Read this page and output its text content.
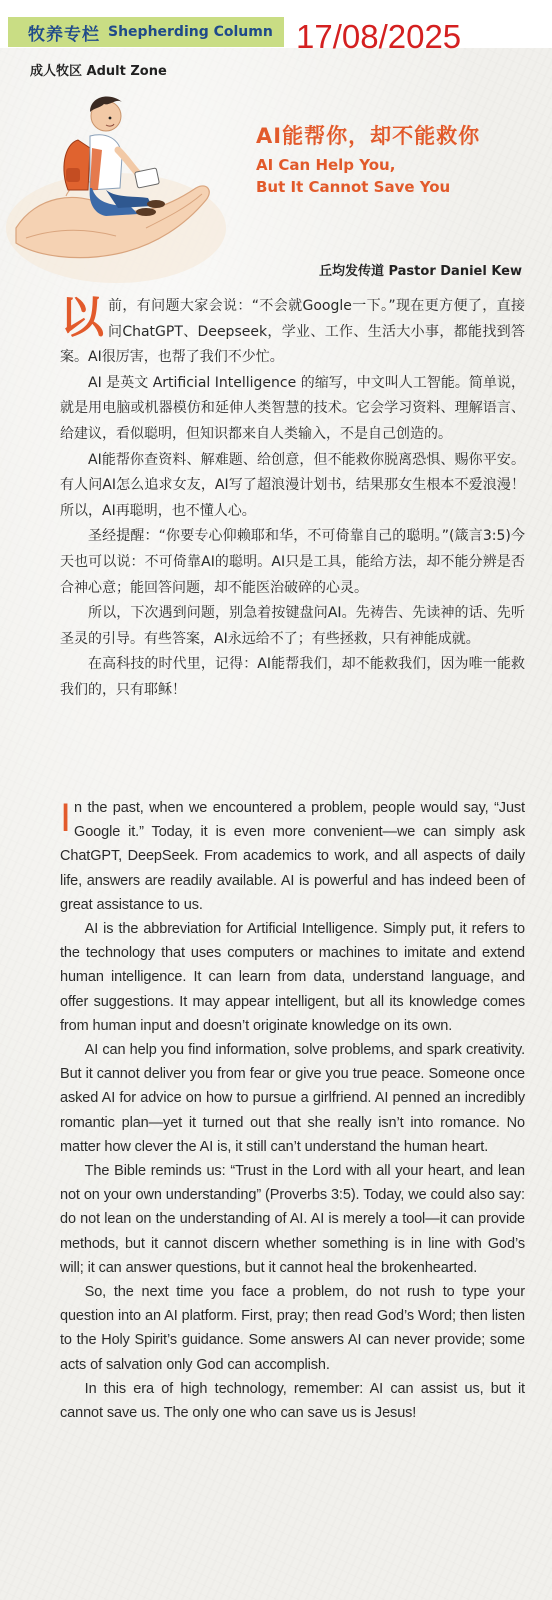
牧养专栏 Shepherding Column 17/08/2025
成人牧区 Adult Zone
AI能帮你，却不能救你
AI Can Help You,
But It Cannot Save You
丘均发传道 Pastor Daniel Kew

以前，有问题大家会说：“不会就Google一下。”现在更方便了，直接问ChatGPT、Deepseek，学业、工作、生活大小事，都能找到答案。AI很厉害，也帮了我们不少忙。

AI 是英文 Artificial Intelligence 的缩写，中文叫人工智能。简单说，就是用电脑或机器模仿和延伸人类智慧的技术。它会学习资料、理解语言、给建议，看似聪明，但知识都来自人类输入，不是自己创造的。

AI能帮你查资料、解难题、给创意，但不能救你脱离恐惧、赐你平安。有人问AI怎么追求女友，AI写了超浪漫计划书，结果那女生根本不爱浪漫！所以，AI再聪明，也不懂人心。

圣经提醒：“你要专心仰赖耶和华，不可倚靠自己的聪明。”(箴言3:5)今天也可以说：不可倚靠AI的聪明。AI只是工具，能给方法，却不能分辨是否合神心意；能回答问题，却不能医治破碎的心灵。

所以，下次遇到问题，别急着按键盘问AI。先祷告、先读神的话、先听圣灵的引导。有些答案，AI永远给不了；有些拯救，只有神能成就。

在高科技的时代里，记得：AI能帮我们，却不能救我们，因为唯一能救我们的，只有耶稣！

In the past, when we encountered a problem, people would say, “Just Google it.” Today, it is even more convenient—we can simply ask ChatGPT, DeepSeek. From academics to work, and all aspects of daily life, answers are readily available. AI is powerful and has indeed been of great assistance to us.

AI is the abbreviation for Artificial Intelligence. Simply put, it refers to the technology that uses computers or machines to imitate and extend human intelligence. It can learn from data, understand language, and offer suggestions. It may appear intelligent, but all its knowledge comes from human input and doesn’t originate knowledge on its own.

AI can help you find information, solve problems, and spark creativity. But it cannot deliver you from fear or give you true peace. Someone once asked AI for advice on how to pursue a girlfriend. AI penned an incredibly romantic plan—yet it turned out that she really isn’t into romance. No matter how clever the AI is, it still can’t understand the human heart.

The Bible reminds us: “Trust in the Lord with all your heart, and lean not on your own understanding” (Proverbs 3:5). Today, we could also say: do not lean on the understanding of AI. AI is merely a tool—it can provide methods, but it cannot discern whether something is in line with God’s will; it can answer questions, but it cannot heal the brokenhearted.

So, the next time you face a problem, do not rush to type your question into an AI platform. First, pray; then read God’s Word; then listen to the Holy Spirit’s guidance. Some answers AI can never provide; some acts of salvation only God can accomplish.

In this era of high technology, remember: AI can assist us, but it cannot save us. The only one who can save us is Jesus!
